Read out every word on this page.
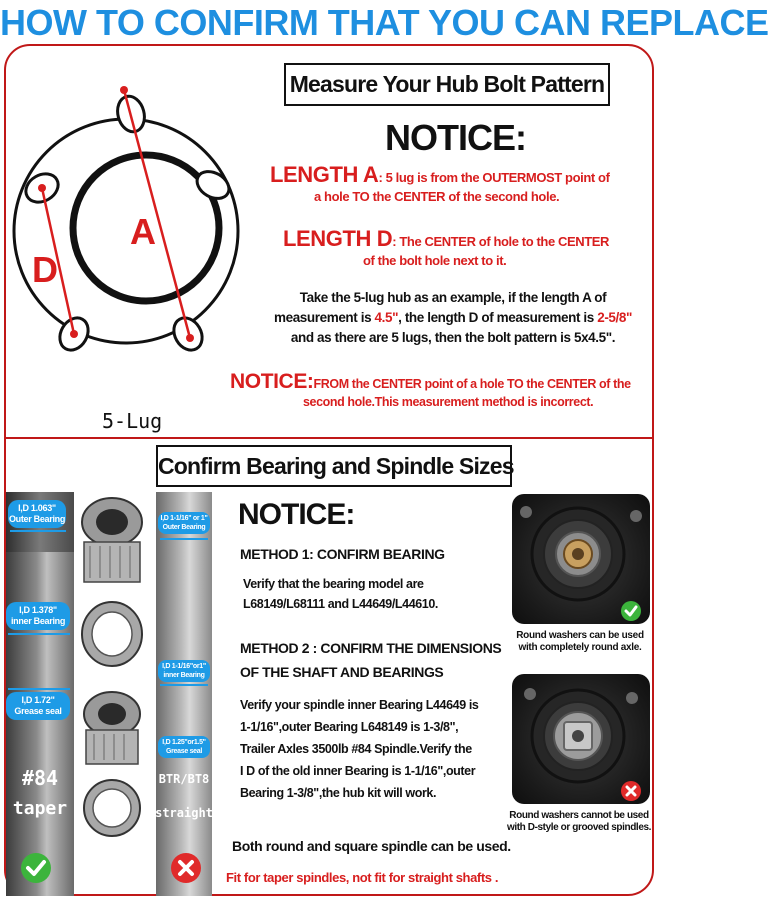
HOW TO CONFIRM THAT YOU CAN REPLACE
A
D
5-Lug
Measure Your Hub Bolt Pattern
NOTICE:
LENGTH A: 5 lug is from the OUTERMOST point of
a hole TO the CENTER of the second hole.
LENGTH D: The CENTER of hole to the CENTER
of the bolt hole next to it.
Take the 5-lug hub as an example, if the length A of
measurement is 4.5", the length D of measurement is 2-5/8"
and as there are 5 lugs, then the bolt pattern is 5x4.5".
NOTICE:FROM the CENTER point of a hole TO the CENTER of the
second hole.This measurement method is incorrect.
Confirm Bearing and Spindle Sizes
#84
taper
I,D 1.063"
Outer Bearing
I,D 1.378"
inner Bearing
I,D 1.72"
Grease seal
BTR/BT8
straight
I,D 1-1/16" or 1"
Outer Bearing
I,D 1-1/16"or1"
inner Bearing
I,D 1.25"or1.5"
Grease seal
NOTICE:
METHOD 1: CONFIRM BEARING
Verify that the bearing model are
L68149/L68111 and L44649/L44610.
METHOD 2 : CONFIRM THE DIMENSIONS
OF THE SHAFT AND BEARINGS
Verify your spindle inner Bearing L44649 is
1-1/16",outer Bearing L648149 is 1-3/8",
Trailer Axles 3500lb #84 Spindle.Verify the
I D of the old inner Bearing is 1-1/16",outer
Bearing 1-3/8",the hub kit will work.
Both round and square spindle can be used.
Fit for taper spindles, not fit for straight shafts .
Round washers can be used
with completely round axle.
Round washers cannot be used
with D-style or grooved spindles.
